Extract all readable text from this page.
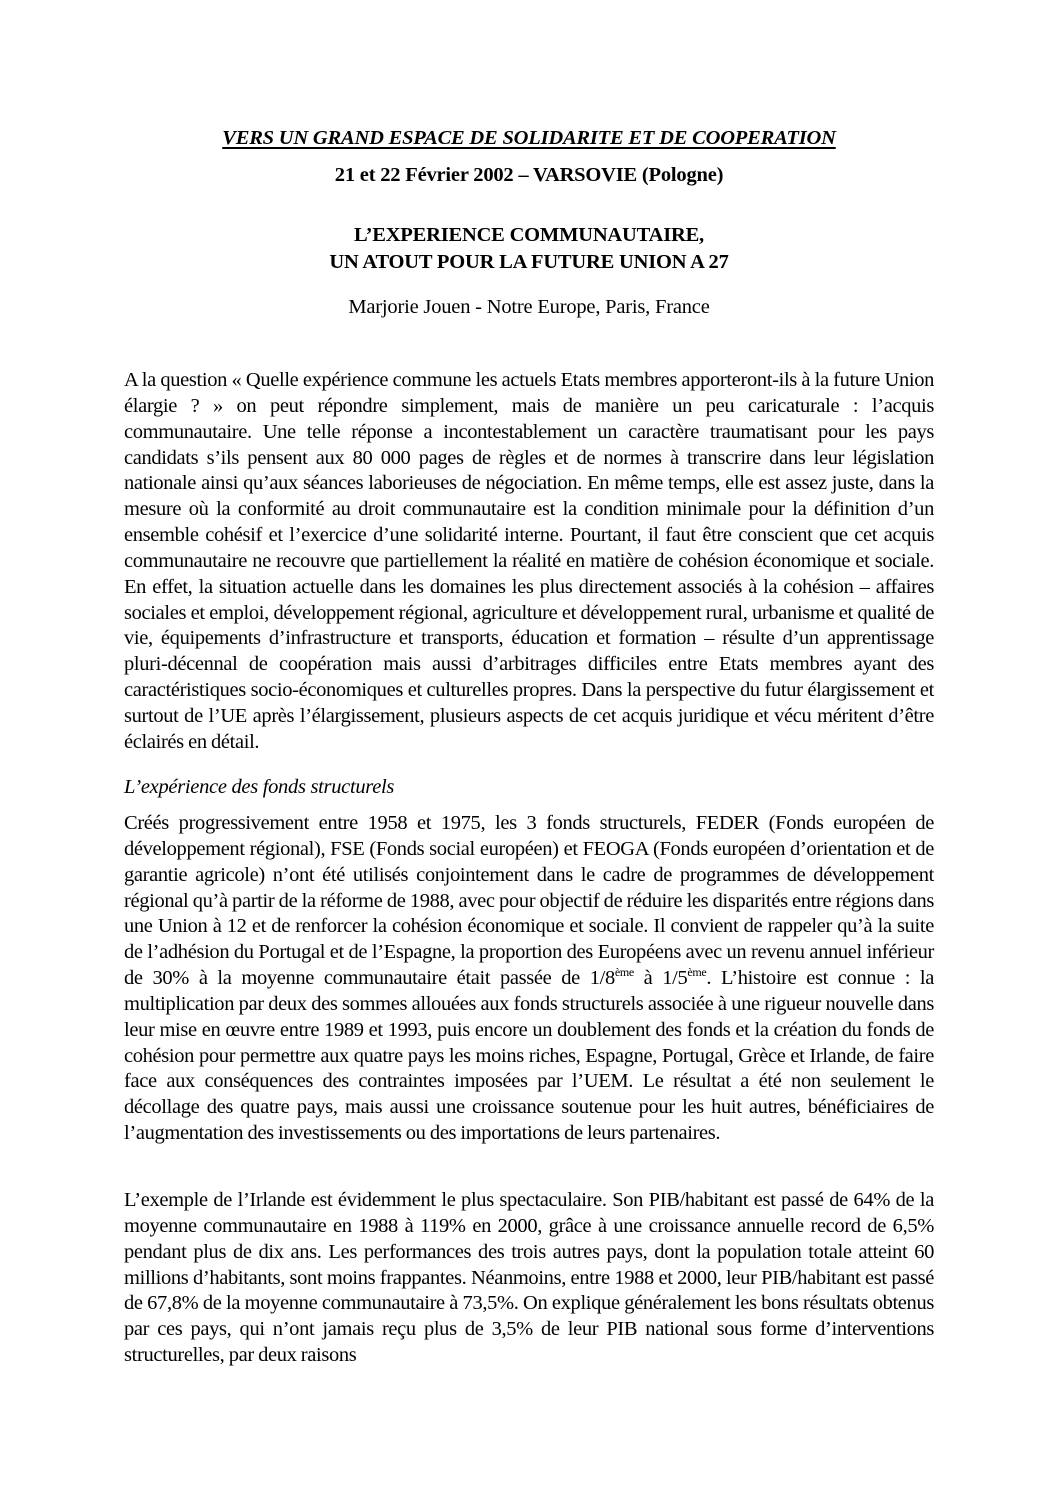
VERS UN GRAND ESPACE DE SOLIDARITE ET DE COOPERATION
21 et 22 Février 2002 – VARSOVIE (Pologne)
L’EXPERIENCE COMMUNAUTAIRE,
UN ATOUT POUR LA FUTURE UNION A 27
Marjorie Jouen - Notre Europe, Paris, France

A la question « Quelle expérience commune les actuels Etats membres apporteront-ils à la future Union élargie ? » on peut répondre simplement, mais de manière un peu caricaturale : l’acquis communautaire. Une telle réponse a incontestablement un caractère traumatisant pour les pays candidats s’ils pensent aux 80 000 pages de règles et de normes à transcrire dans leur législation nationale ainsi qu’aux séances laborieuses de négociation. En même temps, elle est assez juste, dans la mesure où la conformité au droit communautaire est la condition minimale pour la définition d’un ensemble cohésif et l’exercice d’une solidarité interne. Pourtant, il faut être conscient que cet acquis communautaire ne recouvre que partiellement la réalité en matière de cohésion économique et sociale. En effet, la situation actuelle dans les domaines les plus directement associés à la cohésion – affaires sociales et emploi, développement régional, agriculture et développement rural, urbanisme et qualité de vie, équipements d’infrastructure et transports, éducation et formation – résulte d’un apprentissage pluri-décennal de coopération mais aussi d’arbitrages difficiles entre Etats membres ayant des caractéristiques socio-économiques et culturelles propres. Dans la perspective du futur élargissement et surtout de l’UE après l’élargissement, plusieurs aspects de cet acquis juridique et vécu méritent d’être éclairés en détail.

L’expérience des fonds structurels

Créés progressivement entre 1958 et 1975, les 3 fonds structurels, FEDER (Fonds européen de développement régional), FSE (Fonds social européen) et FEOGA (Fonds européen d’orientation et de garantie agricole) n’ont été utilisés conjointement dans le cadre de programmes de développement régional qu’à partir de la réforme de 1988, avec pour objectif de réduire les disparités entre régions dans une Union à 12 et de renforcer la cohésion économique et sociale. Il convient de rappeler qu’à la suite de l’adhésion du Portugal et de l’Espagne, la proportion des Européens avec un revenu annuel inférieur de 30% à la moyenne communautaire était passée de 1/8ème à 1/5ème. L’histoire est connue : la multiplication par deux des sommes allouées aux fonds structurels associée à une rigueur nouvelle dans leur mise en œuvre entre 1989 et 1993, puis encore un doublement des fonds et la création du fonds de cohésion pour permettre aux quatre pays les moins riches, Espagne, Portugal, Grèce et Irlande, de faire face aux conséquences des contraintes imposées par l’UEM. Le résultat a été non seulement le décollage des quatre pays, mais aussi une croissance soutenue pour les huit autres, bénéficiaires de l’augmentation des investissements ou des importations de leurs partenaires.

L’exemple de l’Irlande est évidemment le plus spectaculaire. Son PIB/habitant est passé de 64% de la moyenne communautaire en 1988 à 119% en 2000, grâce à une croissance annuelle record de 6,5% pendant plus de dix ans. Les performances des trois autres pays, dont la population totale atteint 60 millions d’habitants, sont moins frappantes. Néanmoins, entre 1988 et 2000, leur PIB/habitant est passé de 67,8% de la moyenne communautaire à 73,5%. On explique généralement les bons résultats obtenus par ces pays, qui n’ont jamais reçu plus de 3,5% de leur PIB national sous forme d’interventions structurelles, par deux raisons
